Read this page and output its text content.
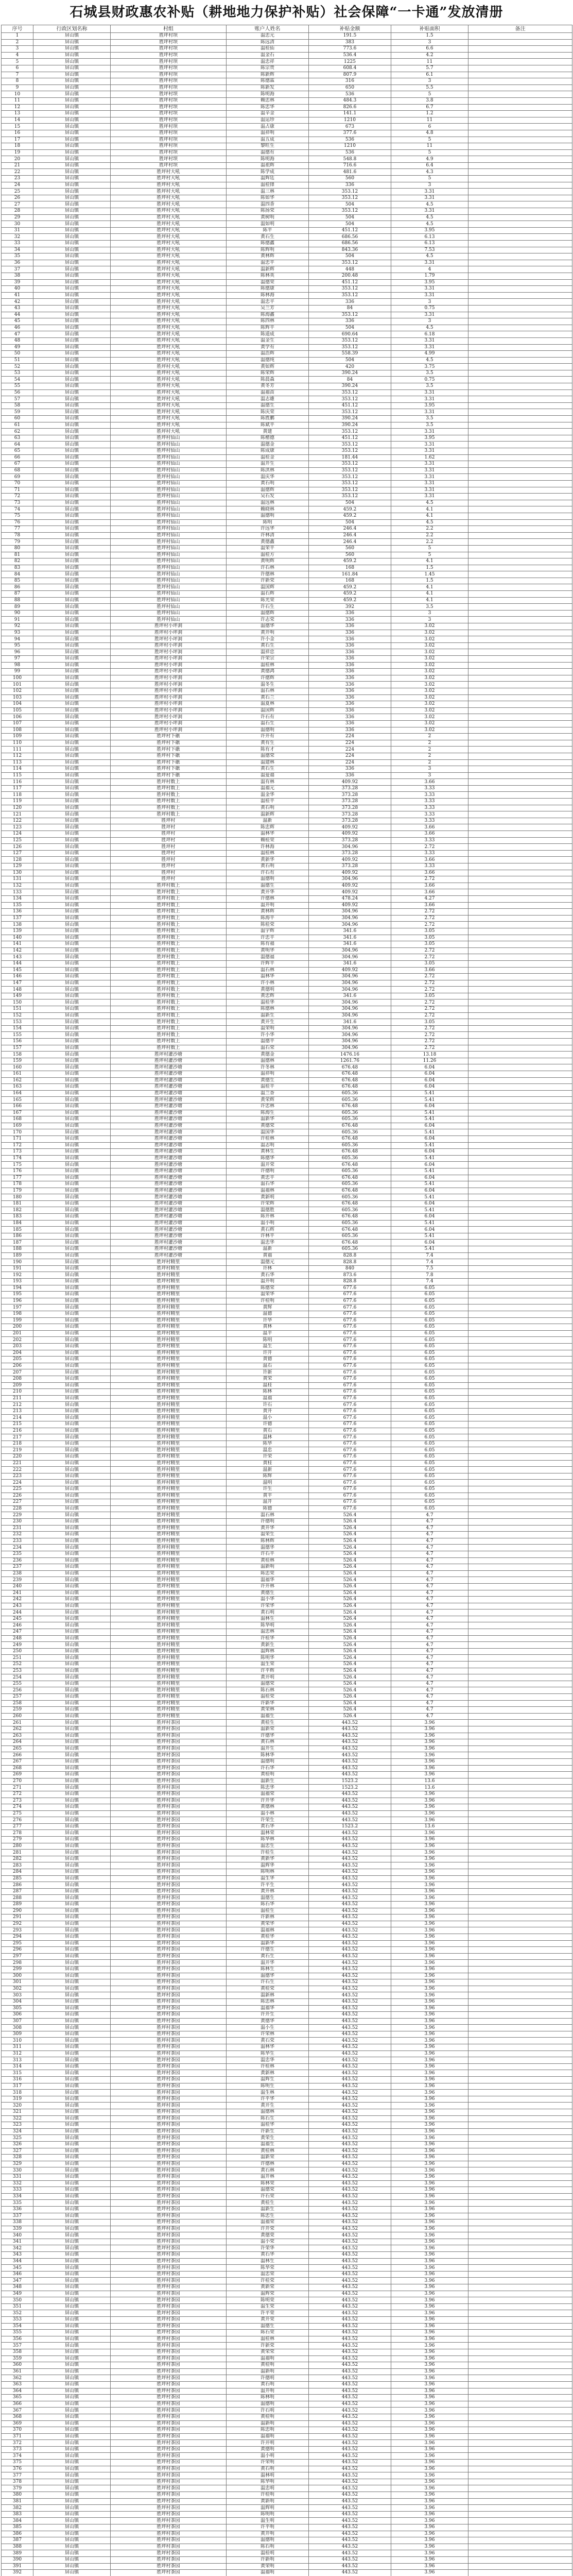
石城县财政惠农补贴（耕地地力保护补贴）社会保障“一卡通”发放清册
序号	行政区划名称	村组	账户人姓名	补贴金额	补贴面积	备注
1	屏山镇	胜坪村坝	温忠元	191.5	1.5	
2	屏山镇	胜坪村坝	陈远清	383	3	
3	屏山镇	胜坪村坝	温桂仙	773.6	6.6	
4	屏山镇	胜坪村坝	温金石	536.4	4.2	
5	屏山镇	胜坪村坝	温忠祥	1225	11	
6	屏山镇	胜坪村坝	陈宗贵	608.4	5.7	
7	屏山镇	胜坪村坝	陈新辉	807.9	6.1	
8	屏山镇	胜坪村坝	陈德霖	316	3	
9	屏山镇	胜坪村坝	陈新发	650	5.5	
10	屏山镇	胜坪村坝	陈明海	536	5	
11	屏山镇	胜坪村坝	赖忠林	484.3	3.8	
12	屏山镇	胜坪村坝	陈忠华	826.6	6.7	
13	屏山镇	胜坪村坝	温辛金	141.1	1.2	
14	屏山镇	胜坪村坝	温运珍	1210	11	
15	屏山镇	胜坪村坝	温占康	673	6	
16	屏山镇	胜坪村坝	温祥明	377.6	4.8	
17	屏山镇	胜坪村坝	温五成	536	5	
18	屏山镇	胜坪村坝	黎旺生	1210	11	
19	屏山镇	胜坪村坝	温德有	536	5	
20	屏山镇	胜坪村坝	陈明海	548.8	4.9	
21	屏山镇	胜坪村坝	温祖辉	716.6	6.4	
22	屏山镇	胜坪村大吼	陈学成	481.6	4.3	
23	屏山镇	胜坪村大吼	温辉廷	560	5	
24	屏山镇	胜坪村大吼	温桂锋	336	3	
25	屏山镇	胜坪村大吼	温三林	353.12	3.31	
26	屏山镇	胜坪村大吼	陈如华	353.12	3.31	
27	屏山镇	胜坪村大吼	温四香	504	4.5	
28	屏山镇	胜坪村大吼	陈扬荣	353.12	3.31	
29	屏山镇	胜坪村大吼	黄树明	504	4.5	
30	屏山镇	胜坪村大吼	温如明	504	4.5	
31	屏山镇	胜坪村大吼	陈平	451.12	3.95	
32	屏山镇	胜坪村大吼	黄石生	686.56	6.13	
33	屏山镇	胜坪村大吼	陈德鑫	686.56	6.13	
34	屏山镇	胜坪村大吼	陈辉明	843.36	7.53	
35	屏山镇	胜坪村大吼	黄林辉	504	4.5	
36	屏山镇	胜坪村大吼	温忠平	353.12	3.31	
37	屏山镇	胜坪村大吼	温新辉	448	4	
38	屏山镇	胜坪村大吼	陈林英	200.48	1.79	
39	屏山镇	胜坪村大吼	温德荣	451.12	3.95	
40	屏山镇	胜坪村大吼	陈德康	353.12	3.31	
41	屏山镇	胜坪村大吼	陈林海	353.12	3.31	
42	屏山镇	胜坪村大吼	温忠平	336	3	
43	屏山镇	胜坪村大吼	吴兰芳	84	0.75	
44	屏山镇	胜坪村大吼	陈海鑫	353.12	3.31	
45	屏山镇	胜坪村大吼	陈四林	336	3	
46	屏山镇	胜坪村大吼	陈辉平	504	4.5	
47	屏山镇	胜坪村大吼	陈道成	690.64	6.18	
48	屏山镇	胜坪村大吼	温金生	353.12	3.31	
49	屏山镇	胜坪村大吼	黄学有	353.12	3.31	
50	屏山镇	胜坪村大吼	温浩辉	558.39	4.99	
51	屏山镇	胜坪村大吼	温德纯	504	4.5	
52	屏山镇	胜坪村大吼	黄如辉	420	3.75	
53	屏山镇	胜坪村大吼	陈荣辉	390.24	3.5	
54	屏山镇	胜坪村大吼	陈晨森	84	0.75	
55	屏山镇	胜坪村大吼	黄冬芳	390.24	3.5	
56	屏山镇	胜坪村大吼	温福苗	353.12	3.31	
57	屏山镇	胜坪村大吼	温志雄	353.12	3.31	
58	屏山镇	胜坪村大吼	温德生	451.12	3.95	
59	屏山镇	胜坪村大吼	陈庆荣	353.12	3.31	
60	屏山镇	胜坪村大吼	陈胜鹏	390.24	3.5	
61	屏山镇	胜坪村大吼	陈斌平	390.24	3.5	
62	屏山镇	胜坪村大吼	黄建	353.12	3.31	
63	屏山镇	胜坪村仙山	陈楷德	451.12	3.95	
64	屏山镇	胜坪村仙山	温德金	353.12	3.31	
65	屏山镇	胜坪村仙山	陈成康	353.12	3.31	
66	屏山镇	胜坪村仙山	温桂金	181.44	1.62	
67	屏山镇	胜坪村仙山	温开生	353.12	3.31	
68	屏山镇	胜坪村仙山	陈洪林	353.12	3.31	
69	屏山镇	胜坪村仙山	温庆华	353.12	3.31	
70	屏山镇	胜坪村仙山	黄石明	353.12	3.31	
71	屏山镇	胜坪村仙山	温德辉	353.12	3.31	
72	屏山镇	胜坪村仙山	吴石发	353.12	3.31	
73	屏山镇	胜坪村仙山	温远林	504	4.5	
74	屏山镇	胜坪村仙山	赖晓林	459.2	4.1	
75	屏山镇	胜坪村仙山	温德明	459.2	4.1	
76	屏山镇	胜坪村仙山	陈明	504	4.5	
77	屏山镇	胜坪村仙山	许远华	246.4	2.2	
78	屏山镇	胜坪村仙山	许林清	246.4	2.2	
79	屏山镇	胜坪村仙山	黄德鑫	246.4	2.2	
80	屏山镇	胜坪村仙山	温荣平	560	5	
81	屏山镇	胜坪村仙山	温桂方	560	5	
82	屏山镇	胜坪村仙山	黄明辉	459.2	4.1	
83	屏山镇	胜坪村仙山	许石林	168	1.5	
84	屏山镇	胜坪村仙山	许德林	161.84	1.45	
85	屏山镇	胜坪村仙山	许新荣	168	1.5	
86	屏山镇	胜坪村仙山	温国辉	459.2	4.1	
87	屏山镇	胜坪村仙山	温石辉	459.2	4.1	
88	屏山镇	胜坪村仙山	陈光荣	459.2	4.1	
89	屏山镇	胜坪村仙山	许石生	392	3.5	
90	屏山镇	胜坪村仙山	温德辉	336	3	
91	屏山镇	胜坪村仙山	许志荣	336	3	
92	屏山镇	胜坪村小坪洞	温德华	336	3.02	
93	屏山镇	胜坪村小坪洞	黄开明	336	3.02	
94	屏山镇	胜坪村小坪洞	许小金	336	3.02	
95	屏山镇	胜坪村小坪洞	黄石生	336	3.02	
96	屏山镇	胜坪村小坪洞	温祥忠	336	3.02	
97	屏山镇	胜坪村小坪洞	许荣宗	336	3.02	
98	屏山镇	胜坪村小坪洞	温桂林	336	3.02	
99	屏山镇	胜坪村小坪洞	黄德鸿	336	3.02	
100	屏山镇	胜坪村小坪洞	许德辉	336	3.02	
101	屏山镇	胜坪村小坪洞	温冬生	336	3.02	
102	屏山镇	胜坪村小坪洞	温石林	336	3.02	
103	屏山镇	胜坪村小坪洞	黄石兰	336	3.02	
104	屏山镇	胜坪村小坪洞	温夏林	336	3.02	
105	屏山镇	胜坪村小坪洞	温国辉	336	3.02	
106	屏山镇	胜坪村小坪洞	许石有	336	3.02	
107	屏山镇	胜坪村小坪洞	温石生	336	3.02	
108	屏山镇	胜坪村小坪洞	温德明	336	3.02	
109	屏山镇	胜坪村下礁	许开有	224	2	
110	屏山镇	胜坪村下礁	黄有生	224	2	
111	屏山镇	胜坪村下礁	陈有才	224	2	
112	屏山镇	胜坪村下礁	温德荣	224	2	
113	屏山镇	胜坪村下礁	温建林	224	2	
114	屏山镇	胜坪村下礁	黄石生	336	3	
115	屏山镇	胜坪村下礁	温爱福	336	3	
116	屏山镇	胜坪村数上	温有林	409.92	3.66	
117	屏山镇	胜坪村数上	温福元	373.28	3.33	
118	屏山镇	胜坪村数上	温金华	373.28	3.33	
119	屏山镇	胜坪村数上	温桂平	373.28	3.33	
120	屏山镇	胜坪村数上	黄石明	373.28	3.33	
121	屏山镇	胜坪村数上	温新辉	373.28	3.33	
122	屏山镇	胜坪村	温新	373.28	3.33	
123	屏山镇	胜坪村	陈忠辉	409.92	3.66	
124	屏山镇	胜坪村	温林华	409.92	3.66	
125	屏山镇	胜坪村	赖桂荣	373.28	3.33	
126	屏山镇	胜坪村	许林海	304.96	2.72	
127	屏山镇	胜坪村	温桂林	373.28	3.33	
128	屏山镇	胜坪村	黄新华	409.92	3.66	
129	屏山镇	胜坪村	黄石明	373.28	3.33	
130	屏山镇	胜坪村	许石有	409.92	3.66	
131	屏山镇	胜坪村	温德明	304.96	2.72	
132	屏山镇	胜坪村数上	温德生	409.92	3.66	
133	屏山镇	胜坪村数上	黄开华	409.92	3.66	
134	屏山镇	胜坪村数上	许德林	478.24	4.27	
135	屏山镇	胜坪村数上	温开明	409.92	3.66	
136	屏山镇	胜坪村数上	黄林辉	304.96	2.72	
137	屏山镇	胜坪村数上	陈海平	304.96	2.72	
138	屏山镇	胜坪村数上	陈桂荣	304.96	2.72	
139	屏山镇	胜坪村数上	温宇辉	341.6	3.05	
140	屏山镇	胜坪村数上	许忠平	341.6	3.05	
141	屏山镇	胜坪村数上	陈有福	341.6	3.05	
142	屏山镇	胜坪村数上	黄明华	304.96	2.72	
143	屏山镇	胜坪村数上	温德福	304.96	2.72	
144	屏山镇	胜坪村数上	许辉平	341.6	3.05	
145	屏山镇	胜坪村数上	温石林	409.92	3.66	
146	屏山镇	胜坪村数上	温林华	304.96	2.72	
147	屏山镇	胜坪村数上	许小林	304.96	2.72	
148	屏山镇	胜坪村数上	黄德明	304.96	2.72	
149	屏山镇	胜坪村数上	黄忠辉	341.6	3.05	
150	屏山镇	胜坪村数上	温桂华	304.96	2.72	
151	屏山镇	胜坪村数上	陈德林	304.96	2.72	
152	屏山镇	胜坪村数上	温新生	304.96	2.72	
153	屏山镇	胜坪村数上	黄开生	341.6	3.05	
154	屏山镇	胜坪村数上	温荣明	304.96	2.72	
155	屏山镇	胜坪村数上	许小华	304.96	2.72	
156	屏山镇	胜坪村数上	温德平	304.96	2.72	
157	屏山镇	胜坪村数上	温石荣	304.96	2.72	
158	屏山镇	胜坪村灌沙塘	黄德金	1476.16	13.18	
159	屏山镇	胜坪村灌沙塘	温德林	1261.76	11.26	
160	屏山镇	胜坪村灌沙塘	许冬林	676.48	6.04	
161	屏山镇	胜坪村灌沙塘	温祥明	676.48	6.04	
162	屏山镇	胜坪村灌沙塘	黄德生	676.48	6.04	
163	屏山镇	胜坪村灌沙塘	温桂平	676.48	6.04	
164	屏山镇	胜坪村灌沙塘	温兰香	605.36	5.41	
165	屏山镇	胜坪村灌沙塘	黄荣辉	605.36	5.41	
166	屏山镇	胜坪村灌沙塘	许忠林	676.48	6.04	
167	屏山镇	胜坪村灌沙塘	陈海生	605.36	5.41	
168	屏山镇	胜坪村灌沙塘	温新华	605.36	5.41	
169	屏山镇	胜坪村灌沙塘	黄德荣	676.48	6.04	
170	屏山镇	胜坪村灌沙塘	温国华	605.36	5.41	
171	屏山镇	胜坪村灌沙塘	许桂林	676.48	6.04	
172	屏山镇	胜坪村灌沙塘	温志明	605.36	5.41	
173	屏山镇	胜坪村灌沙塘	黄林生	676.48	6.04	
174	屏山镇	胜坪村灌沙塘	陈德华	605.36	5.41	
175	屏山镇	胜坪村灌沙塘	温开荣	676.48	6.04	
176	屏山镇	胜坪村灌沙塘	许德明	605.36	5.41	
177	屏山镇	胜坪村灌沙塘	黄忠平	676.48	6.04	
178	屏山镇	胜坪村灌沙塘	温石华	605.36	5.41	
179	屏山镇	胜坪村灌沙塘	温福林	676.48	6.04	
180	屏山镇	胜坪村灌沙塘	黄新明	605.36	5.41	
181	屏山镇	胜坪村灌沙塘	许荣辉	676.48	6.04	
182	屏山镇	胜坪村灌沙塘	温德胜	605.36	5.41	
183	屏山镇	胜坪村灌沙塘	陈开林	676.48	6.04	
184	屏山镇	胜坪村灌沙塘	温小明	605.36	5.41	
185	屏山镇	胜坪村灌沙塘	黄石辉	676.48	6.04	
186	屏山镇	胜坪村灌沙塘	许林平	605.36	5.41	
187	屏山镇	胜坪村灌沙塘	温忠华	676.48	6.04	
188	屏山镇	胜坪村灌沙塘	温新	605.36	5.41	
189	屏山镇	胜坪村灌沙塘	黄福	828.8	7.4	
190	屏山镇	胜坪村精里	温德元	828.8	7.4	
191	屏山镇	胜坪村精里	许林	840	7.5	
192	屏山镇	胜坪村精里	黄石华	873.6	7.8	
193	屏山镇	胜坪村精里	温开明	828.8	7.4	
194	屏山镇	胜坪村精里	陈德荣	677.6	6.05	
195	屏山镇	胜坪村精里	温荣华	677.6	6.05	
196	屏山镇	胜坪村精里	许桂明	677.6	6.05	
197	屏山镇	胜坪村精里	黄辉	677.6	6.05	
198	屏山镇	胜坪村精里	温德	677.6	6.05	
199	屏山镇	胜坪村精里	许华	677.6	6.05	
200	屏山镇	胜坪村精里	黄林	677.6	6.05	
201	屏山镇	胜坪村精里	温平	677.6	6.05	
202	屏山镇	胜坪村精里	陈明	677.6	6.05	
203	屏山镇	胜坪村精里	温生	677.6	6.05	
204	屏山镇	胜坪村精里	许开	677.6	6.05	
205	屏山镇	胜坪村精里	黄德	677.6	6.05	
206	屏山镇	胜坪村精里	温石	677.6	6.05	
207	屏山镇	胜坪村精里	许新	677.6	6.05	
208	屏山镇	胜坪村精里	黄荣	677.6	6.05	
209	屏山镇	胜坪村精里	温桂	677.6	6.05	
210	屏山镇	胜坪村精里	陈林	677.6	6.05	
211	屏山镇	胜坪村精里	温福	677.6	6.05	
212	屏山镇	胜坪村精里	许石	677.6	6.05	
213	屏山镇	胜坪村精里	黄开	677.6	6.05	
214	屏山镇	胜坪村精里	温小	677.6	6.05	
215	屏山镇	胜坪村精里	许德	677.6	6.05	
216	屏山镇	胜坪村精里	黄石	677.6	6.05	
217	屏山镇	胜坪村精里	温林	677.6	6.05	
218	屏山镇	胜坪村精里	陈华	677.6	6.05	
219	屏山镇	胜坪村精里	温忠	677.6	6.05	
220	屏山镇	胜坪村精里	许荣	677.6	6.05	
221	屏山镇	胜坪村精里	黄桂	677.6	6.05	
222	屏山镇	胜坪村精里	温新	677.6	6.05	
223	屏山镇	胜坪村精里	陈辉	677.6	6.05	
224	屏山镇	胜坪村精里	温明	677.6	6.05	
225	屏山镇	胜坪村精里	许生	677.6	6.05	
226	屏山镇	胜坪村精里	黄平	677.6	6.05	
227	屏山镇	胜坪村精里	温开	677.6	6.05	
228	屏山镇	胜坪村精里	陈德	677.6	6.05	
229	屏山镇	胜坪村精里	温石林	526.4	4.7	
230	屏山镇	胜坪村精里	许德明	526.4	4.7	
231	屏山镇	胜坪村精里	黄开华	526.4	4.7	
232	屏山镇	胜坪村精里	温荣生	526.4	4.7	
233	屏山镇	胜坪村精里	陈林辉	526.4	4.7	
234	屏山镇	胜坪村精里	温德华	526.4	4.7	
235	屏山镇	胜坪村精里	许石平	526.4	4.7	
236	屏山镇	胜坪村精里	黄桂林	526.4	4.7	
237	屏山镇	胜坪村精里	温新明	526.4	4.7	
238	屏山镇	胜坪村精里	陈忠荣	526.4	4.7	
239	屏山镇	胜坪村精里	温福华	526.4	4.7	
240	屏山镇	胜坪村精里	许开林	526.4	4.7	
241	屏山镇	胜坪村精里	黄德生	526.4	4.7	
242	屏山镇	胜坪村精里	温小华	526.4	4.7	
243	屏山镇	胜坪村精里	许荣华	526.4	4.7	
244	屏山镇	胜坪村精里	黄石明	526.4	4.7	
245	屏山镇	胜坪村精里	温林生	526.4	4.7	
246	屏山镇	胜坪村精里	陈华明	526.4	4.7	
247	屏山镇	胜坪村精里	温忠林	526.4	4.7	
248	屏山镇	胜坪村精里	许桂华	526.4	4.7	
249	屏山镇	胜坪村精里	黄新生	526.4	4.7	
250	屏山镇	胜坪村精里	温辉林	526.4	4.7	
251	屏山镇	胜坪村精里	陈明华	526.4	4.7	
252	屏山镇	胜坪村精里	温生荣	526.4	4.7	
253	屏山镇	胜坪村精里	许平辉	526.4	4.7	
254	屏山镇	胜坪村精里	黄开明	526.4	4.7	
255	屏山镇	胜坪村精里	温德荣	526.4	4.7	
256	屏山镇	胜坪村精里	陈石林	526.4	4.7	
257	屏山镇	胜坪村精里	温桂荣	526.4	4.7	
258	屏山镇	胜坪村精里	许新华	526.4	4.7	
259	屏山镇	胜坪村精里	黄荣林	526.4	4.7	
260	屏山镇	胜坪村精里	温福生	526.4	4.7	
261	屏山镇	胜坪村茶园	黄桂生	443.52	3.96	
262	屏山镇	胜坪村茶园	温新荣	443.52	3.96	
263	屏山镇	胜坪村茶园	许德华	443.52	3.96	
264	屏山镇	胜坪村茶园	黄石林	443.52	3.96	
265	屏山镇	胜坪村茶园	温开生	443.52	3.96	
266	屏山镇	胜坪村茶园	陈林华	443.52	3.96	
267	屏山镇	胜坪村茶园	温德明	443.52	3.96	
268	屏山镇	胜坪村茶园	许石华	443.52	3.96	
269	屏山镇	胜坪村茶园	黄桂明	443.52	3.96	
270	屏山镇	胜坪村茶园	温新生	1523.2	13.6	
271	屏山镇	胜坪村茶园	陈忠华	1523.2	13.6	
272	屏山镇	胜坪村茶园	温福荣	443.52	3.96	
273	屏山镇	胜坪村茶园	许开华	443.52	3.96	
274	屏山镇	胜坪村茶园	黄德林	443.52	3.96	
275	屏山镇	胜坪村茶园	温小林	443.52	3.96	
276	屏山镇	胜坪村茶园	许荣生	443.52	3.96	
277	屏山镇	胜坪村茶园	黄石华	1523.2	13.6	
278	屏山镇	胜坪村茶园	温林荣	443.52	3.96	
279	屏山镇	胜坪村茶园	陈华林	443.52	3.96	
280	屏山镇	胜坪村茶园	温忠生	443.52	3.96	
281	屏山镇	胜坪村茶园	许桂生	443.52	3.96	
282	屏山镇	胜坪村茶园	黄新华	443.52	3.96	
283	屏山镇	胜坪村茶园	温辉华	443.52	3.96	
284	屏山镇	胜坪村茶园	陈明林	443.52	3.96	
285	屏山镇	胜坪村茶园	温生华	443.52	3.96	
286	屏山镇	胜坪村茶园	许平生	443.52	3.96	
287	屏山镇	胜坪村茶园	黄开林	443.52	3.96	
288	屏山镇	胜坪村茶园	温德生	443.52	3.96	
289	屏山镇	胜坪村茶园	陈石华	443.52	3.96	
290	屏山镇	胜坪村茶园	温桂生	443.52	3.96	
291	屏山镇	胜坪村茶园	许新林	443.52	3.96	
292	屏山镇	胜坪村茶园	黄荣华	443.52	3.96	
293	屏山镇	胜坪村茶园	温福林	443.52	3.96	
294	屏山镇	胜坪村茶园	黄桂华	443.52	3.96	
295	屏山镇	胜坪村茶园	温新华	443.52	3.96	
296	屏山镇	胜坪村茶园	许德生	443.52	3.96	
297	屏山镇	胜坪村茶园	黄石生	443.52	3.96	
298	屏山镇	胜坪村茶园	温开华	443.52	3.96	
299	屏山镇	胜坪村茶园	陈林生	443.52	3.96	
300	屏山镇	胜坪村茶园	温德华	443.52	3.96	
301	屏山镇	胜坪村茶园	许石生	443.52	3.96	
302	屏山镇	胜坪村茶园	黄桂荣	443.52	3.96	
303	屏山镇	胜坪村茶园	温新林	443.52	3.96	
304	屏山镇	胜坪村茶园	陈忠林	443.52	3.96	
305	屏山镇	胜坪村茶园	温福华	443.52	3.96	
306	屏山镇	胜坪村茶园	许开生	443.52	3.96	
307	屏山镇	胜坪村茶园	黄德华	443.52	3.96	
308	屏山镇	胜坪村茶园	温小生	443.52	3.96	
309	屏山镇	胜坪村茶园	许荣林	443.52	3.96	
310	屏山镇	胜坪村茶园	黄石荣	443.52	3.96	
311	屏山镇	胜坪村茶园	温林华	443.52	3.96	
312	屏山镇	胜坪村茶园	陈华生	443.52	3.96	
313	屏山镇	胜坪村茶园	温忠华	443.52	3.96	
314	屏山镇	胜坪村茶园	许桂林	443.52	3.96	
315	屏山镇	胜坪村茶园	黄新林	443.52	3.96	
316	屏山镇	胜坪村茶园	温辉生	443.52	3.96	
317	屏山镇	胜坪村茶园	陈明生	443.52	3.96	
318	屏山镇	胜坪村茶园	温生林	443.52	3.96	
319	屏山镇	胜坪村茶园	许平华	443.52	3.96	
320	屏山镇	胜坪村茶园	黄开生	443.52	3.96	
321	屏山镇	胜坪村茶园	温德林	443.52	3.96	
322	屏山镇	胜坪村茶园	陈石生	443.52	3.96	
323	屏山镇	胜坪村茶园	温桂华	443.52	3.96	
324	屏山镇	胜坪村茶园	许新生	443.52	3.96	
325	屏山镇	胜坪村茶园	黄荣生	443.52	3.96	
326	屏山镇	胜坪村茶园	温福生	443.52	3.96	
327	屏山镇	胜坪村茶园	黄桂林	443.52	3.96	
328	屏山镇	胜坪村茶园	温新荣	443.52	3.96	
329	屏山镇	胜坪村茶园	许德林	443.52	3.96	
330	屏山镇	胜坪村茶园	黄石林	443.52	3.96	
331	屏山镇	胜坪村茶园	温开林	443.52	3.96	
332	屏山镇	胜坪村茶园	陈林荣	443.52	3.96	
333	屏山镇	胜坪村茶园	温德荣	443.52	3.96	
334	屏山镇	胜坪村茶园	许石荣	443.52	3.96	
335	屏山镇	胜坪村茶园	黄桂生	443.52	3.96	
336	屏山镇	胜坪村茶园	温新生	443.52	3.96	
337	屏山镇	胜坪村茶园	陈忠生	443.52	3.96	
338	屏山镇	胜坪村茶园	温福荣	443.52	3.96	
339	屏山镇	胜坪村茶园	许开荣	443.52	3.96	
340	屏山镇	胜坪村茶园	黄德荣	443.52	3.96	
341	屏山镇	胜坪村茶园	温小荣	443.52	3.96	
342	屏山镇	胜坪村茶园	许荣华	443.52	3.96	
343	屏山镇	胜坪村茶园	黄石华	443.52	3.96	
344	屏山镇	胜坪村茶园	温林生	443.52	3.96	
345	屏山镇	胜坪村茶园	陈华荣	443.52	3.96	
346	屏山镇	胜坪村茶园	温忠荣	443.52	3.96	
347	屏山镇	胜坪村茶园	许桂荣	443.52	3.96	
348	屏山镇	胜坪村茶园	黄新荣	443.52	3.96	
349	屏山镇	胜坪村茶园	温辉荣	443.52	3.96	
350	屏山镇	胜坪村茶园	陈明荣	443.52	3.96	
351	屏山镇	胜坪村茶园	温生荣	443.52	3.96	
352	屏山镇	胜坪村茶园	许平荣	443.52	3.96	
353	屏山镇	胜坪村茶园	黄开荣	443.52	3.96	
354	屏山镇	胜坪村茶园	温德生	443.52	3.96	
355	屏山镇	胜坪村茶园	陈石荣	443.52	3.96	
356	屏山镇	胜坪村茶园	温桂林	443.52	3.96	
357	屏山镇	胜坪村茶园	许新荣	443.52	3.96	
358	屏山镇	胜坪村茶园	黄荣荣	443.52	3.96	
359	屏山镇	胜坪村茶园	温福明	443.52	3.96	
360	屏山镇	胜坪村茶园	黄桂明	443.52	3.96	
361	屏山镇	胜坪村茶园	温新明	443.52	3.96	
362	屏山镇	胜坪村茶园	许德明	443.52	3.96	
363	屏山镇	胜坪村茶园	黄石明	443.52	3.96	
364	屏山镇	胜坪村茶园	温开明	443.52	3.96	
365	屏山镇	胜坪村茶园	陈林明	443.52	3.96	
366	屏山镇	胜坪村茶园	温德明	443.52	3.96	
367	屏山镇	胜坪村茶园	许石明	443.52	3.96	
368	屏山镇	胜坪村茶园	黄桂明	443.52	3.96	
369	屏山镇	胜坪村茶园	温新明	443.52	3.96	
370	屏山镇	胜坪村茶园	陈忠明	443.52	3.96	
371	屏山镇	胜坪村茶园	温福明	443.52	3.96	
372	屏山镇	胜坪村茶园	许开明	443.52	3.96	
373	屏山镇	胜坪村茶园	黄德明	443.52	3.96	
374	屏山镇	胜坪村茶园	温小明	443.52	3.96	
375	屏山镇	胜坪村茶园	许荣明	443.52	3.96	
376	屏山镇	胜坪村茶园	黄石明	443.52	3.96	
377	屏山镇	胜坪村茶园	温林明	443.52	3.96	
378	屏山镇	胜坪村茶园	陈华明	443.52	3.96	
379	屏山镇	胜坪村茶园	温忠明	443.52	3.96	
380	屏山镇	胜坪村茶园	许桂明	443.52	3.96	
381	屏山镇	胜坪村茶园	黄新明	443.52	3.96	
382	屏山镇	胜坪村茶园	温辉明	443.52	3.96	
383	屏山镇	胜坪村茶园	陈明明	443.52	3.96	
384	屏山镇	胜坪村茶园	温生明	443.52	3.96	
385	屏山镇	胜坪村茶园	许平明	443.52	3.96	
386	屏山镇	胜坪村茶园	黄开明	443.52	3.96	
387	屏山镇	胜坪村茶园	温德明	443.52	3.96	
388	屏山镇	胜坪村茶园	陈石明	443.52	3.96	
389	屏山镇	胜坪村茶园	温桂明	443.52	3.96	
390	屏山镇	胜坪村茶园	许新明	443.52	3.96	
391	屏山镇	胜坪村茶园	黄荣明	443.52	3.96	
392	屏山镇	胜坪村茶园	温福明	443.52	3.96	
